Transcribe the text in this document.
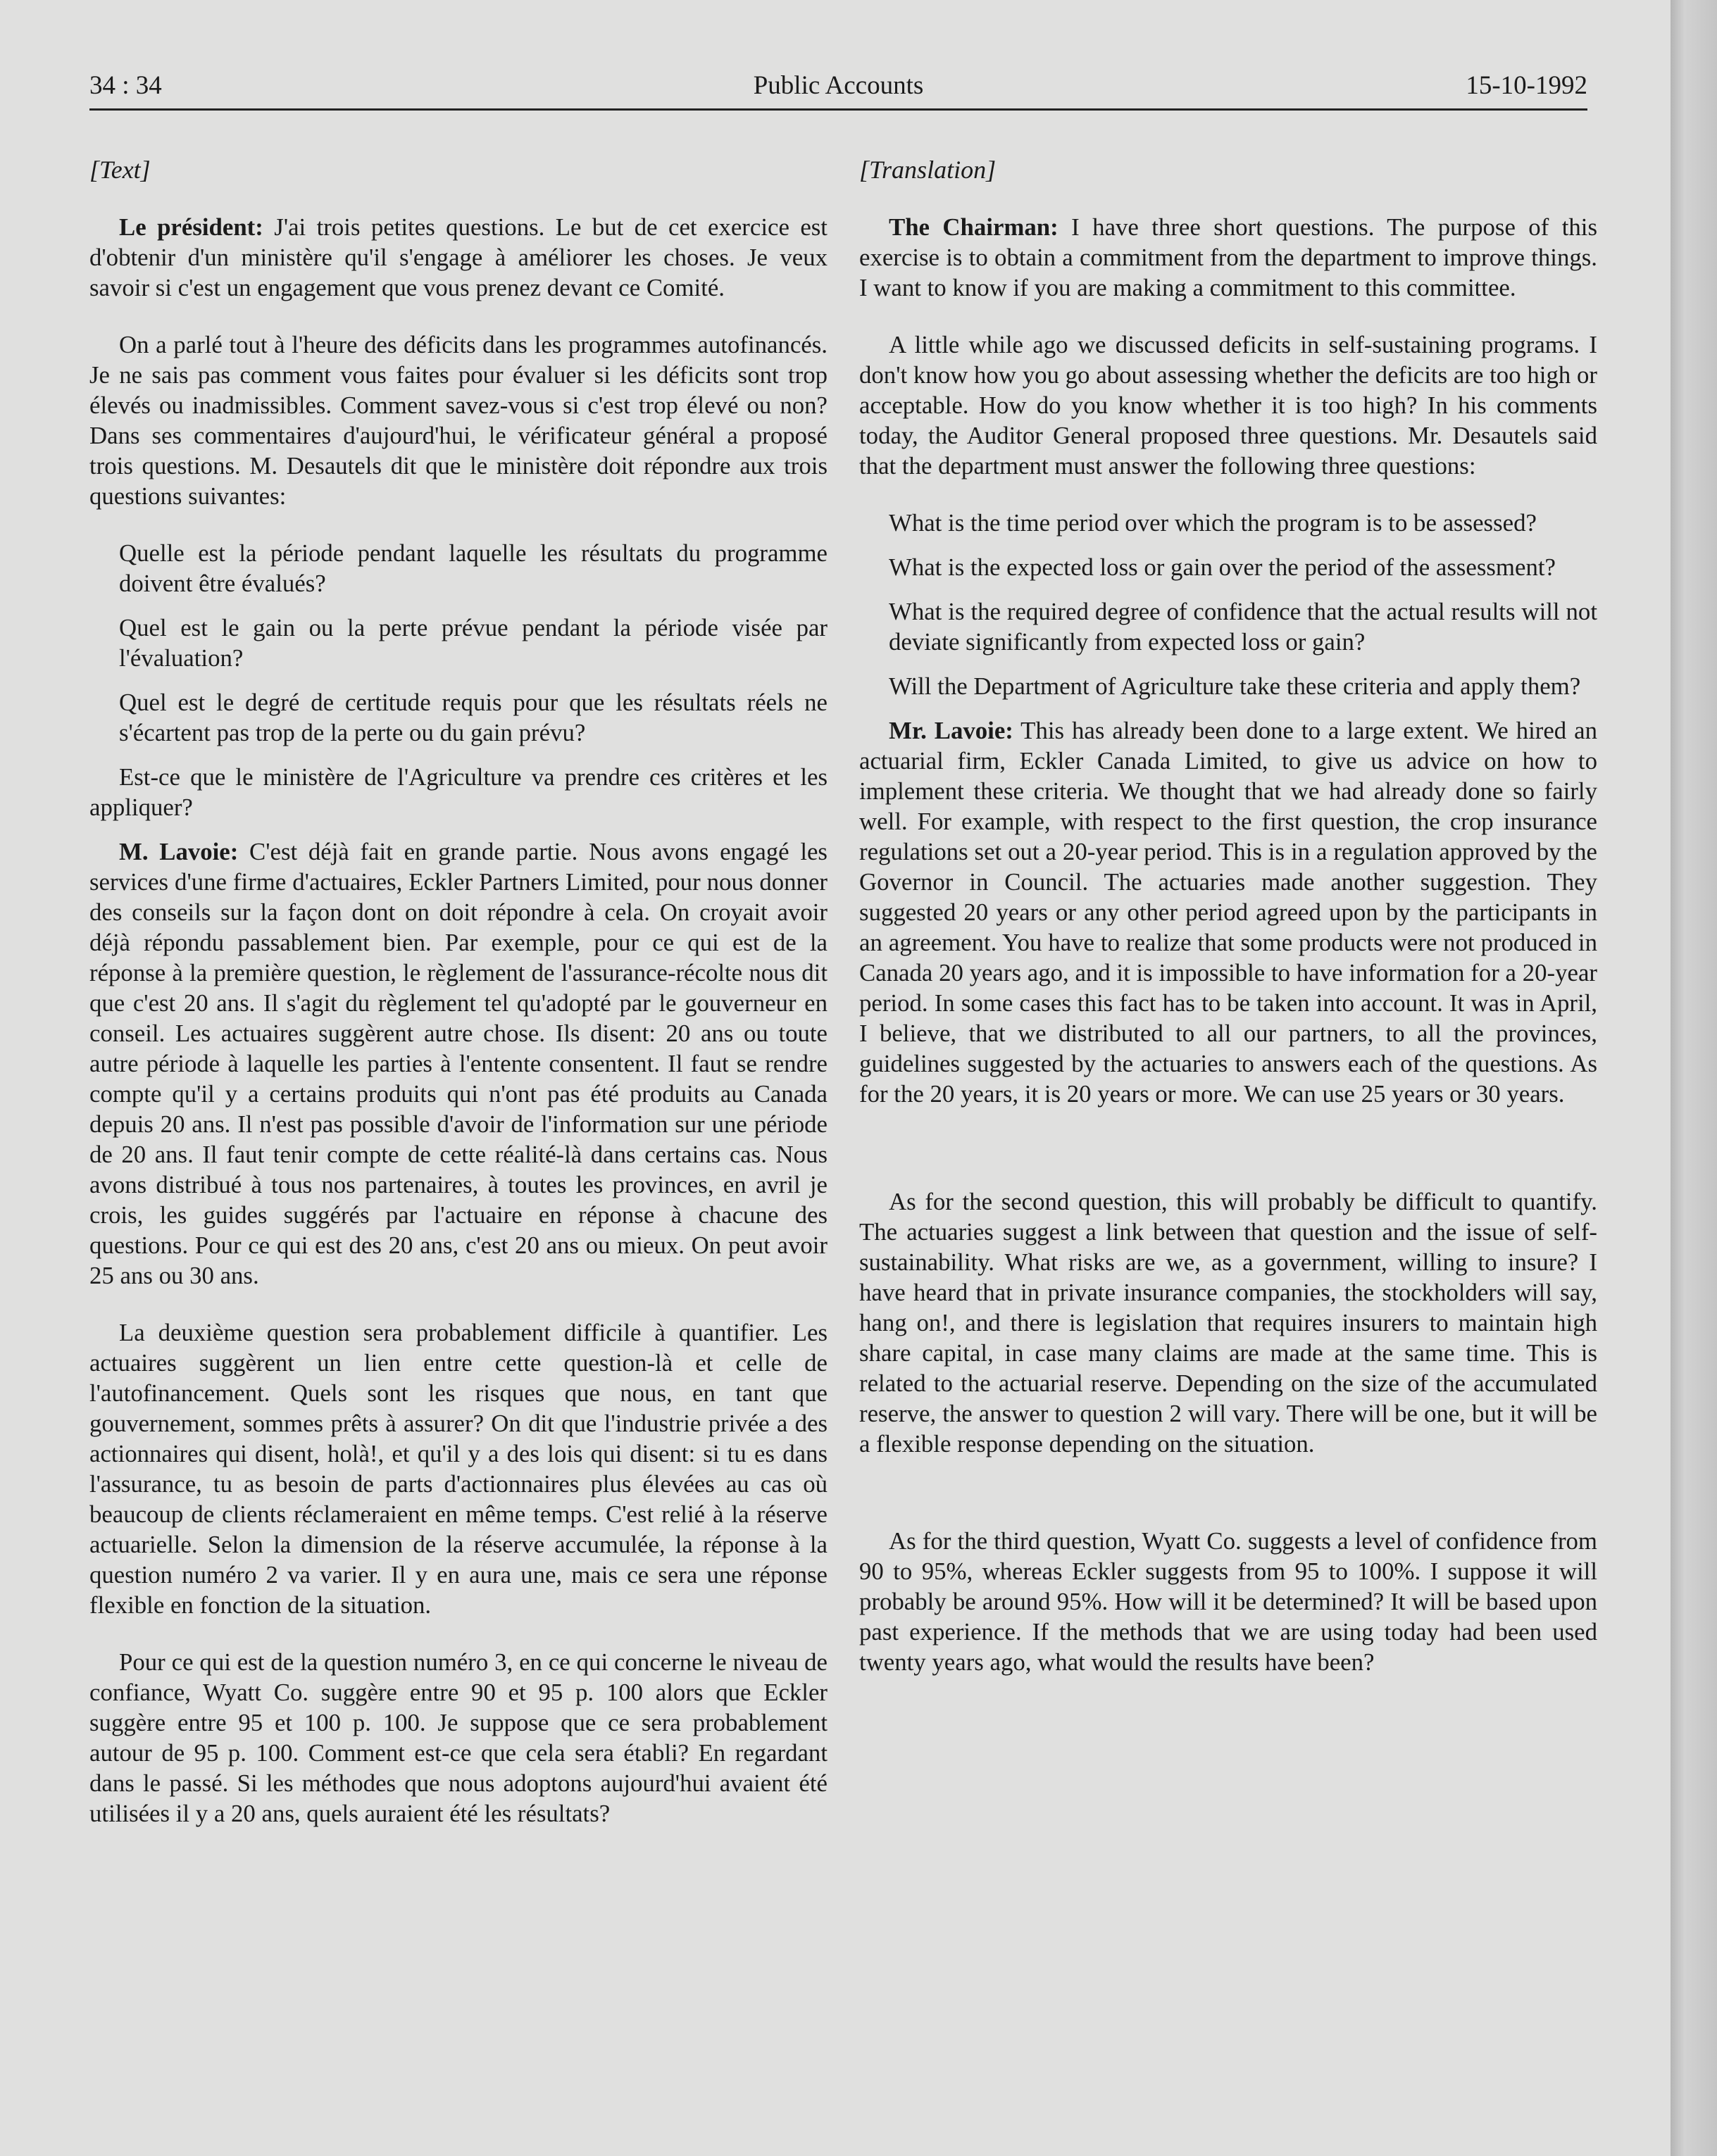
34 : 34	Public Accounts	15-10-1992

[Text]

Le président: J'ai trois petites questions. Le but de cet exercice est d'obtenir d'un ministère qu'il s'engage à améliorer les choses. Je veux savoir si c'est un engagement que vous prenez devant ce Comité.

On a parlé tout à l'heure des déficits dans les programmes autofinancés. Je ne sais pas comment vous faites pour évaluer si les déficits sont trop élevés ou inadmissibles. Comment savez-vous si c'est trop élevé ou non? Dans ses commentaires d'aujourd'hui, le vérificateur général a proposé trois questions. M. Desautels dit que le ministère doit répondre aux trois questions suivantes:

Quelle est la période pendant laquelle les résultats du programme doivent être évalués?

Quel est le gain ou la perte prévue pendant la période visée par l'évaluation?

Quel est le degré de certitude requis pour que les résultats réels ne s'écartent pas trop de la perte ou du gain prévu?

Est-ce que le ministère de l'Agriculture va prendre ces critères et les appliquer?

M. Lavoie: C'est déjà fait en grande partie. Nous avons engagé les services d'une firme d'actuaires, Eckler Partners Limited, pour nous donner des conseils sur la façon dont on doit répondre à cela. On croyait avoir déjà répondu passablement bien. Par exemple, pour ce qui est de la réponse à la première question, le règlement de l'assurance-récolte nous dit que c'est 20 ans. Il s'agit du règlement tel qu'adopté par le gouverneur en conseil. Les actuaires suggèrent autre chose. Ils disent: 20 ans ou toute autre période à laquelle les parties à l'entente consentent. Il faut se rendre compte qu'il y a certains produits qui n'ont pas été produits au Canada depuis 20 ans. Il n'est pas possible d'avoir de l'information sur une période de 20 ans. Il faut tenir compte de cette réalité-là dans certains cas. Nous avons distribué à tous nos partenaires, à toutes les provinces, en avril je crois, les guides suggérés par l'actuaire en réponse à chacune des questions. Pour ce qui est des 20 ans, c'est 20 ans ou mieux. On peut avoir 25 ans ou 30 ans.

La deuxième question sera probablement difficile à quantifier. Les actuaires suggèrent un lien entre cette question-là et celle de l'autofinancement. Quels sont les risques que nous, en tant que gouvernement, sommes prêts à assurer? On dit que l'industrie privée a des actionnaires qui disent, holà!, et qu'il y a des lois qui disent: si tu es dans l'assurance, tu as besoin de parts d'actionnaires plus élevées au cas où beaucoup de clients réclameraient en même temps. C'est relié à la réserve actuarielle. Selon la dimension de la réserve accumulée, la réponse à la question numéro 2 va varier. Il y en aura une, mais ce sera une réponse flexible en fonction de la situation.

Pour ce qui est de la question numéro 3, en ce qui concerne le niveau de confiance, Wyatt Co. suggère entre 90 et 95 p. 100 alors que Eckler suggère entre 95 et 100 p. 100. Je suppose que ce sera probablement autour de 95 p. 100. Comment est-ce que cela sera établi? En regardant dans le passé. Si les méthodes que nous adoptons aujourd'hui avaient été utilisées il y a 20 ans, quels auraient été les résultats?

[Translation]

The Chairman: I have three short questions. The purpose of this exercise is to obtain a commitment from the department to improve things. I want to know if you are making a commitment to this committee.

A little while ago we discussed deficits in self-sustaining programs. I don't know how you go about assessing whether the deficits are too high or acceptable. How do you know whether it is too high? In his comments today, the Auditor General proposed three questions. Mr. Desautels said that the department must answer the following three questions:

What is the time period over which the program is to be assessed?

What is the expected loss or gain over the period of the assessment?

What is the required degree of confidence that the actual results will not deviate significantly from expected loss or gain?

Will the Department of Agriculture take these criteria and apply them?

Mr. Lavoie: This has already been done to a large extent. We hired an actuarial firm, Eckler Canada Limited, to give us advice on how to implement these criteria. We thought that we had already done so fairly well. For example, with respect to the first question, the crop insurance regulations set out a 20-year period. This is in a regulation approved by the Governor in Council. The actuaries made another suggestion. They suggested 20 years or any other period agreed upon by the participants in an agreement. You have to realize that some products were not produced in Canada 20 years ago, and it is impossible to have information for a 20-year period. In some cases this fact has to be taken into account. It was in April, I believe, that we distributed to all our partners, to all the provinces, guidelines suggested by the actuaries to answers each of the questions. As for the 20 years, it is 20 years or more. We can use 25 years or 30 years.

As for the second question, this will probably be difficult to quantify. The actuaries suggest a link between that question and the issue of self-sustainability. What risks are we, as a government, willing to insure? I have heard that in private insurance companies, the stockholders will say, hang on!, and there is legislation that requires insurers to maintain high share capital, in case many claims are made at the same time. This is related to the actuarial reserve. Depending on the size of the accumulated reserve, the answer to question 2 will vary. There will be one, but it will be a flexible response depending on the situation.

As for the third question, Wyatt Co. suggests a level of confidence from 90 to 95%, whereas Eckler suggests from 95 to 100%. I suppose it will probably be around 95%. How will it be determined? It will be based upon past experience. If the methods that we are using today had been used twenty years ago, what would the results have been?
